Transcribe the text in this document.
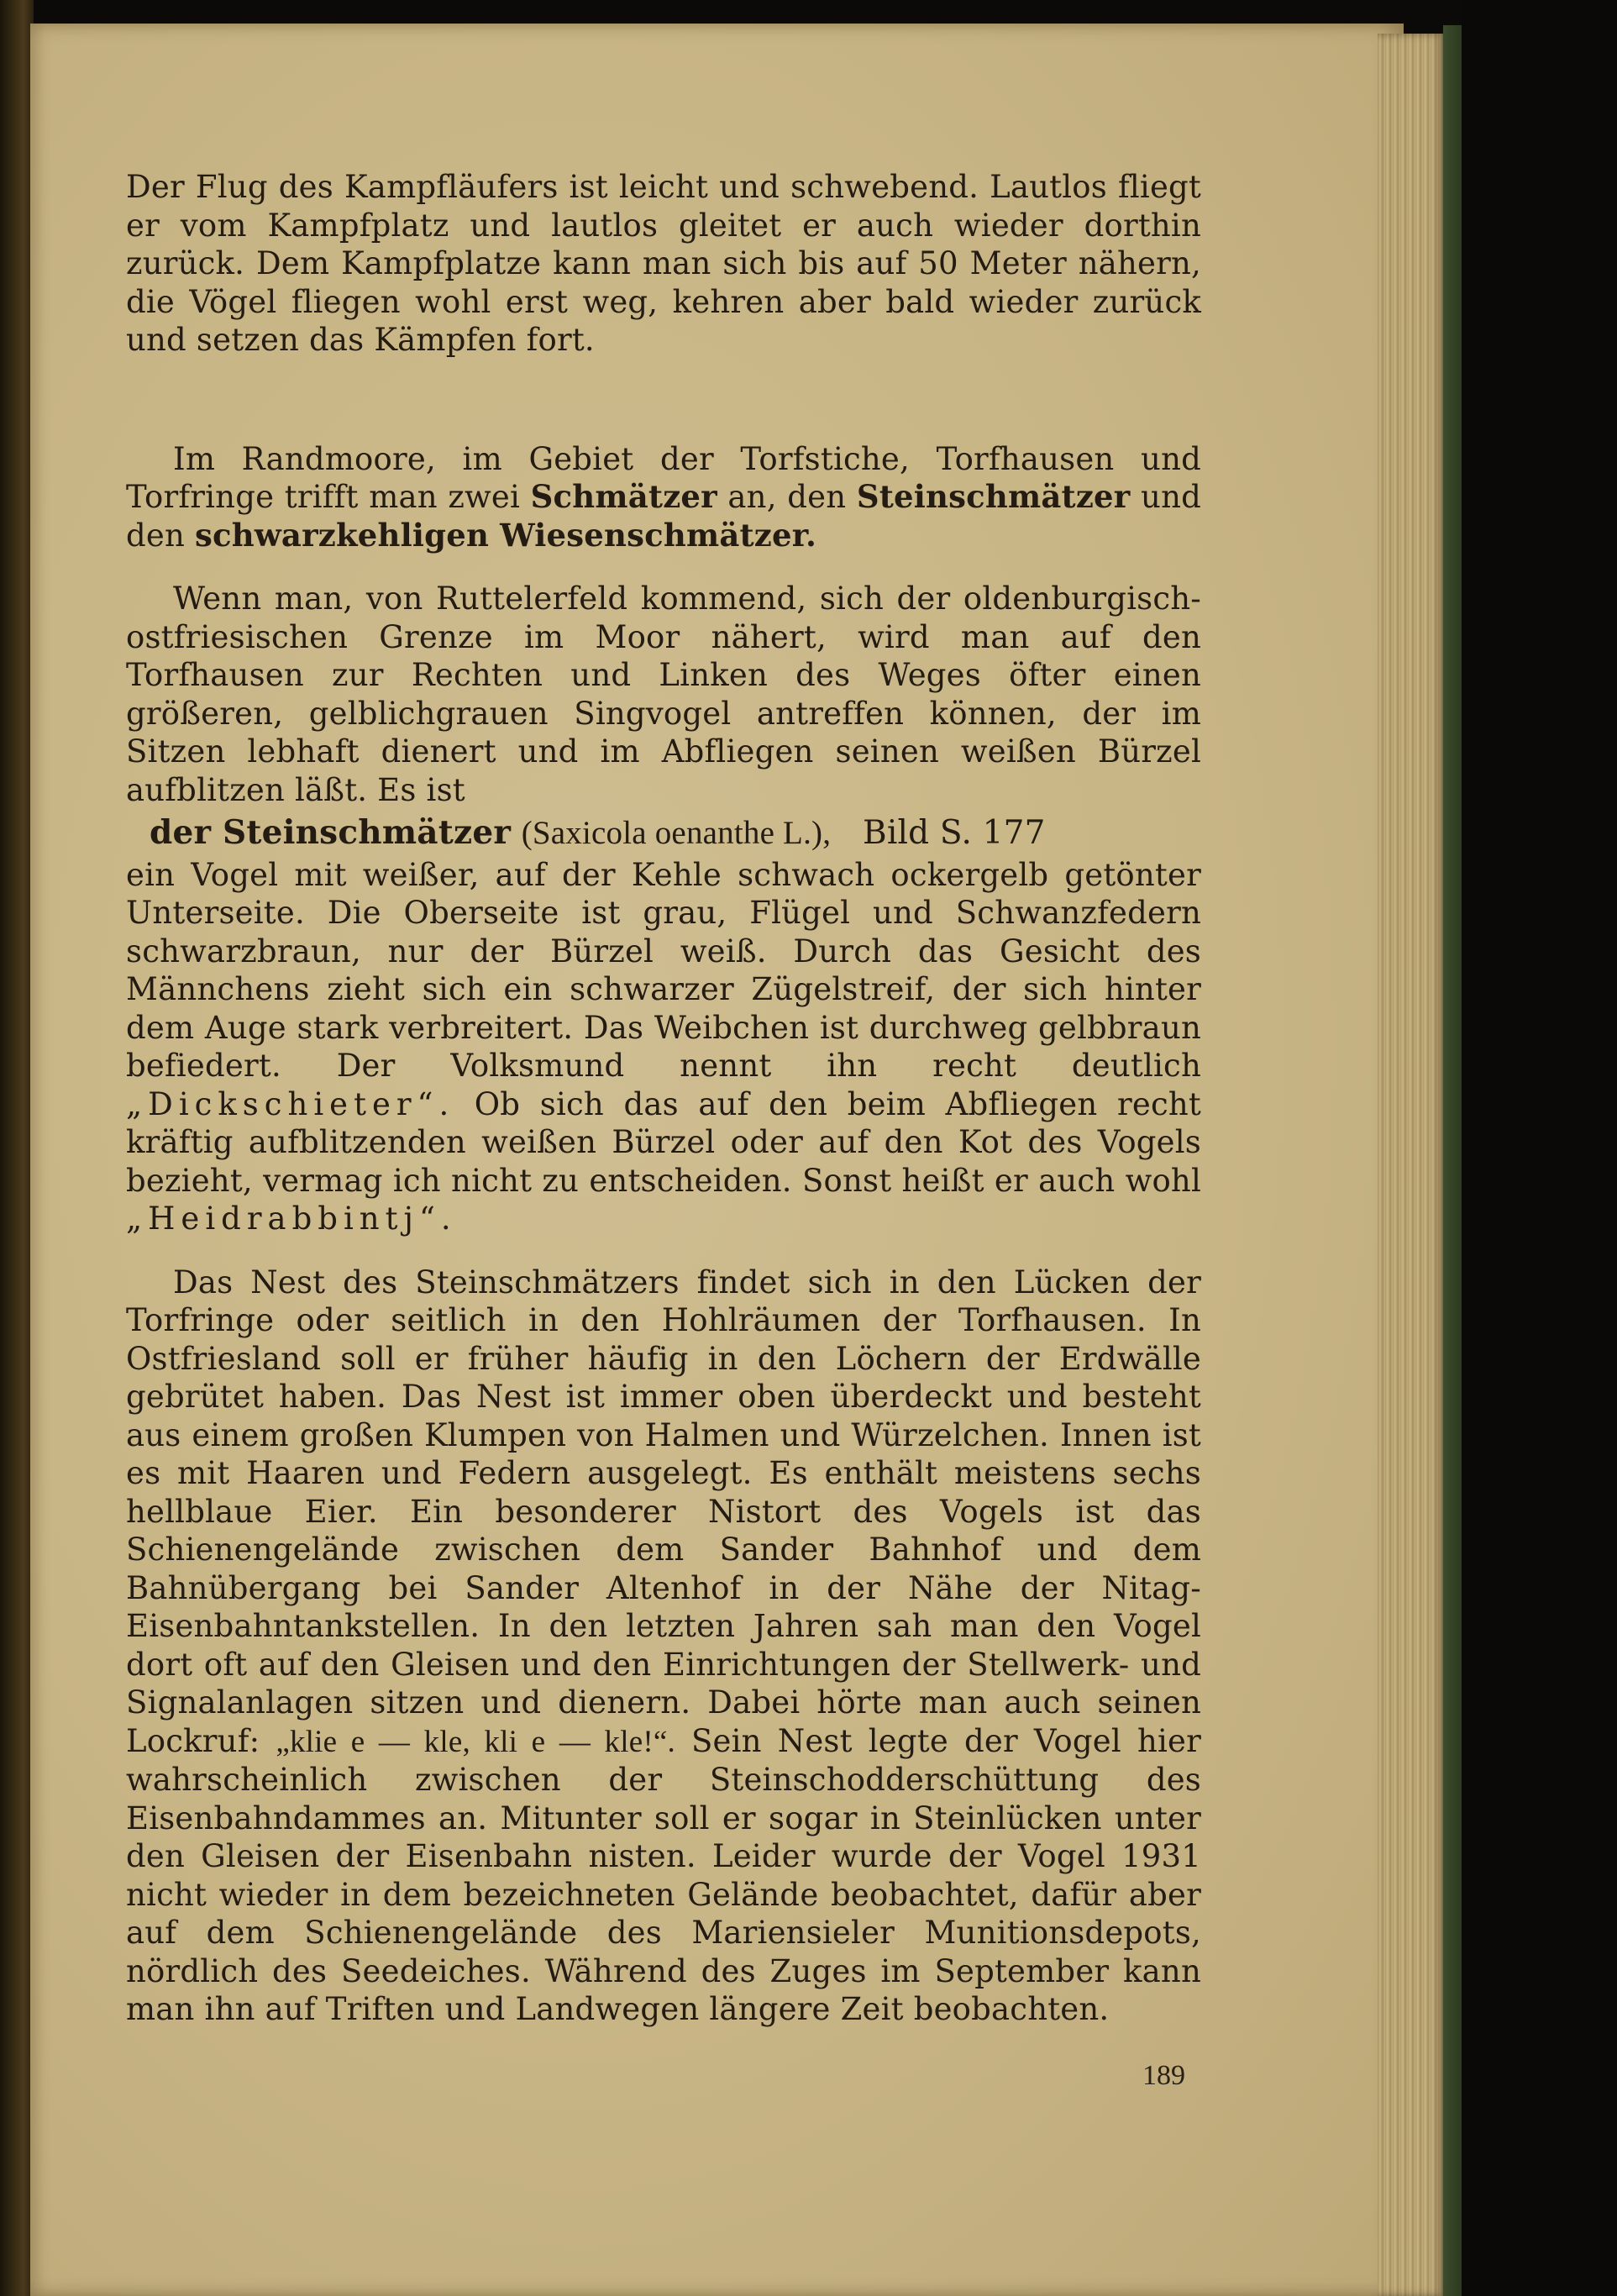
Der Flug des Kampfläufers ist leicht und schwebend. Lautlos fliegt er vom Kampfplatz und lautlos gleitet er auch wieder dorthin zurück. Dem Kampfplatze kann man sich bis auf 50 Meter nähern, die Vögel fliegen wohl erst weg, kehren aber bald wieder zurück und setzen das Kämpfen fort.

Im Randmoore, im Gebiet der Torfstiche, Torfhausen und Torfringe trifft man zwei Schmätzer an, den Steinschmätzer und den schwarzkehligen Wiesenschmätzer.

Wenn man, von Ruttelerfeld kommend, sich der oldenburgisch-ostfriesischen Grenze im Moor nähert, wird man auf den Torfhausen zur Rechten und Linken des Weges öfter einen größeren, gelblichgrauen Singvogel antreffen können, der im Sitzen lebhaft dienert und im Abfliegen seinen weißen Bürzel aufblitzen läßt. Es ist

der Steinschmätzer (Saxicola oenanthe L.), Bild S. 177

ein Vogel mit weißer, auf der Kehle schwach ockergelb getönter Unterseite. Die Oberseite ist grau, Flügel und Schwanzfedern schwarzbraun, nur der Bürzel weiß. Durch das Gesicht des Männchens zieht sich ein schwarzer Zügelstreif, der sich hinter dem Auge stark verbreitert. Das Weibchen ist durchweg gelbbraun befiedert. Der Volksmund nennt ihn recht deutlich „Dickschieter“. Ob sich das auf den beim Abfliegen recht kräftig aufblitzenden weißen Bürzel oder auf den Kot des Vogels bezieht, vermag ich nicht zu entscheiden. Sonst heißt er auch wohl „Heidrabbintj“.

Das Nest des Steinschmätzers findet sich in den Lücken der Torfringe oder seitlich in den Hohlräumen der Torfhausen. In Ostfriesland soll er früher häufig in den Löchern der Erdwälle gebrütet haben. Das Nest ist immer oben überdeckt und besteht aus einem großen Klumpen von Halmen und Würzelchen. Innen ist es mit Haaren und Federn ausgelegt. Es enthält meistens sechs hellblaue Eier. Ein besonderer Nistort des Vogels ist das Schienengelände zwischen dem Sander Bahnhof und dem Bahnübergang bei Sander Altenhof in der Nähe der Nitag-Eisenbahntankstellen. In den letzten Jahren sah man den Vogel dort oft auf den Gleisen und den Einrichtungen der Stellwerk- und Signalanlagen sitzen und dienern. Dabei hörte man auch seinen Lockruf: „klie e — kle, kli e — kle!“. Sein Nest legte der Vogel hier wahrscheinlich zwischen der Steinschodderschüttung des Eisenbahndammes an. Mitunter soll er sogar in Steinlücken unter den Gleisen der Eisenbahn nisten. Leider wurde der Vogel 1931 nicht wieder in dem bezeichneten Gelände beobachtet, dafür aber auf dem Schienengelände des Mariensieler Munitionsdepots, nördlich des Seedeiches. Während des Zuges im September kann man ihn auf Triften und Landwegen längere Zeit beobachten.

189
